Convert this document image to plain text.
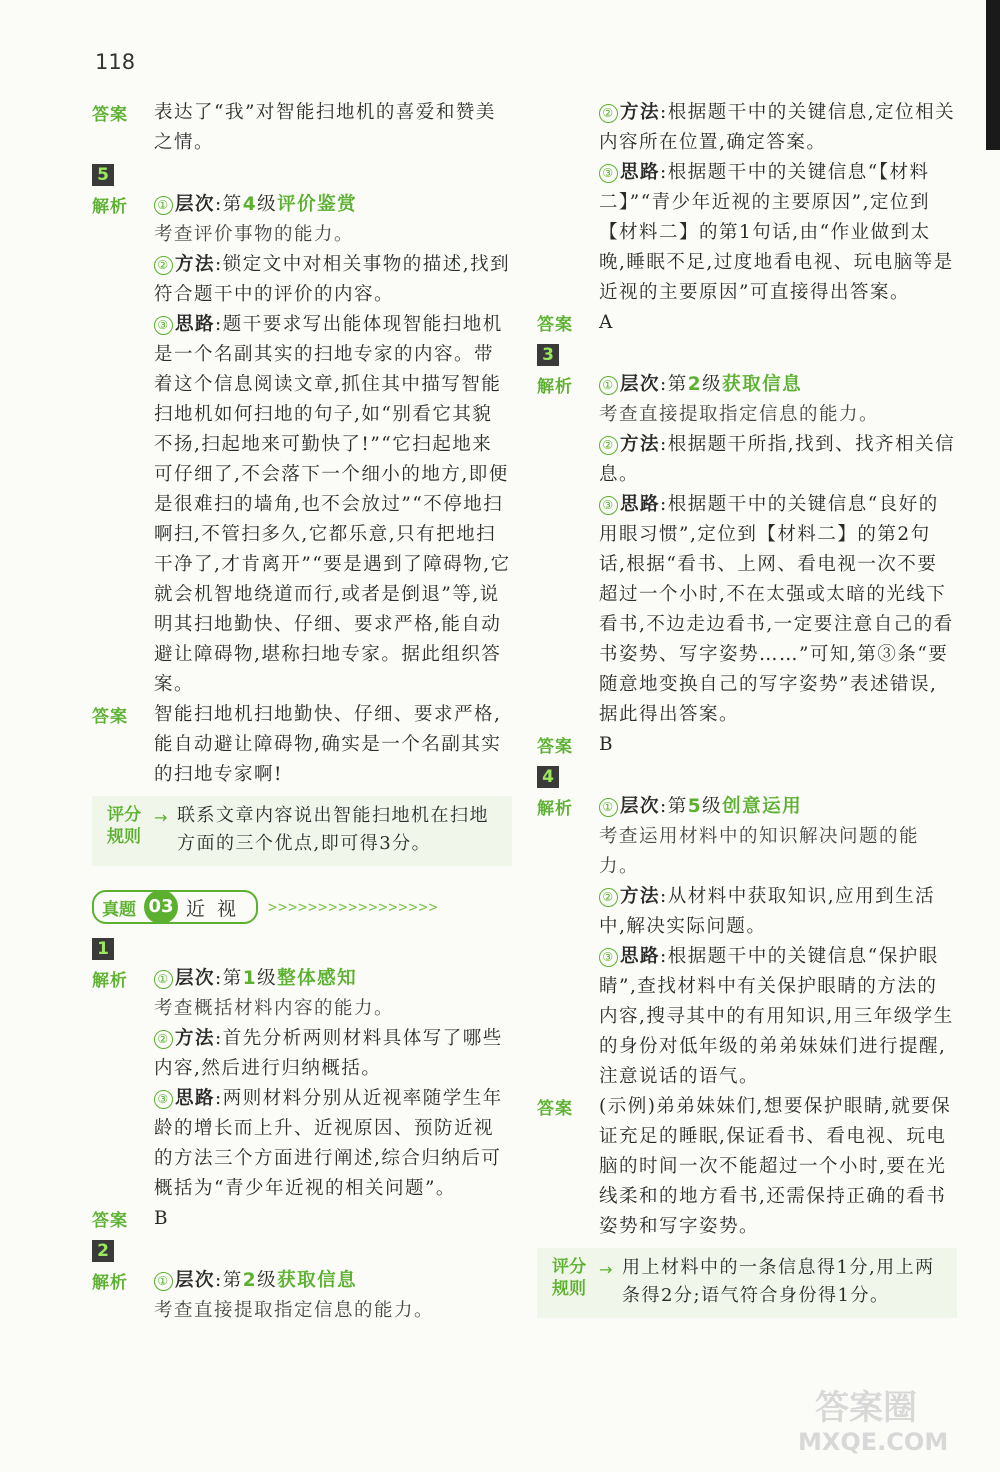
118
答案 表达了“我”对智能扫地机的喜爱和赞美之情。
5
解析 ① 层次:第4级评价鉴赏

考查评价事物的能力。

② 方法:锁定文中对相关事物的描述,找到符合题干中的评价的内容。

③ 思路:题干要求写出能体现智能扫地机是一个名副其实的扫地专家的内容。带着这个信息阅读文章,抓住其中描写智能扫地机如何扫地的句子,如“别看它其貌不扬,扫起地来可勤快了!”“它扫起地来可仔细了,不会落下一个细小的地方,即便是很难扫的墙角,也不会放过”“不停地扫啊扫,不管扫多久,它都乐意,只有把地扫干净了,才肯离开”“要是遇到了障碍物,它就会机智地绕道而行,或者是倒退”等,说明其扫地勤快、仔细、要求严格,能自动避让障碍物,堪称扫地专家。据此组织答案。

答案 智能扫地机扫地勤快、仔细、要求严格,能自动避让障碍物,确实是一个名副其实的扫地专家啊!
评分
规则
→ 联系文章内容说出智能扫地机在扫地方面的三个优点,即可得3分。
真题 03 近视 >>>>>>>>>>>>>>>>>
1
解析 ① 层次:第1级整体感知

考查概括材料内容的能力。

② 方法:首先分析两则材料具体写了哪些内容,然后进行归纳概括。

③ 思路:两则材料分别从近视率随学生年龄的增长而上升、近视原因、预防近视的方法三个方面进行阐述,综合归纳后可概括为“青少年近视的相关问题”。

答案 B
2
解析 ① 层次:第2级获取信息

考查直接提取指定信息的能力。

② 方法:根据题干中的关键信息,定位相关内容所在位置,确定答案。

③ 思路:根据题干中的关键信息“【材料二】”“青少年近视的主要原因”,定位到【材料二】的第1句话,由“作业做到太晚,睡眠不足,过度地看电视、玩电脑等是近视的主要原因”可直接得出答案。

答案 A
3
解析 ① 层次:第2级获取信息

考查直接提取指定信息的能力。

② 方法:根据题干所指,找到、找齐相关信息。

③ 思路:根据题干中的关键信息“良好的用眼习惯”,定位到【材料二】的第2句话,根据“看书、上网、看电视一次不要超过一个小时,不在太强或太暗的光线下看书,不边走边看书,一定要注意自己的看书姿势、写字姿势……”可知,第③条“要随意地变换自己的写字姿势”表述错误,据此得出答案。

答案 B
4
解析 ① 层次:第5级创意运用

考查运用材料中的知识解决问题的能力。

② 方法:从材料中获取知识,应用到生活中,解决实际问题。

③ 思路:根据题干中的关键信息“保护眼睛”,查找材料中有关保护眼睛的方法的内容,搜寻其中的有用知识,用三年级学生的身份对低年级的弟弟妹妹们进行提醒,注意说话的语气。

答案 (示例)弟弟妹妹们,想要保护眼睛,就要保证充足的睡眠,保证看书、看电视、玩电脑的时间一次不能超过一个小时,要在光线柔和的地方看书,还需保持正确的看书姿势和写字姿势。
评分
规则
→ 用上材料中的一条信息得1分,用上两条得2分;语气符合身份得1分。
答案圈
MXQE.COM
